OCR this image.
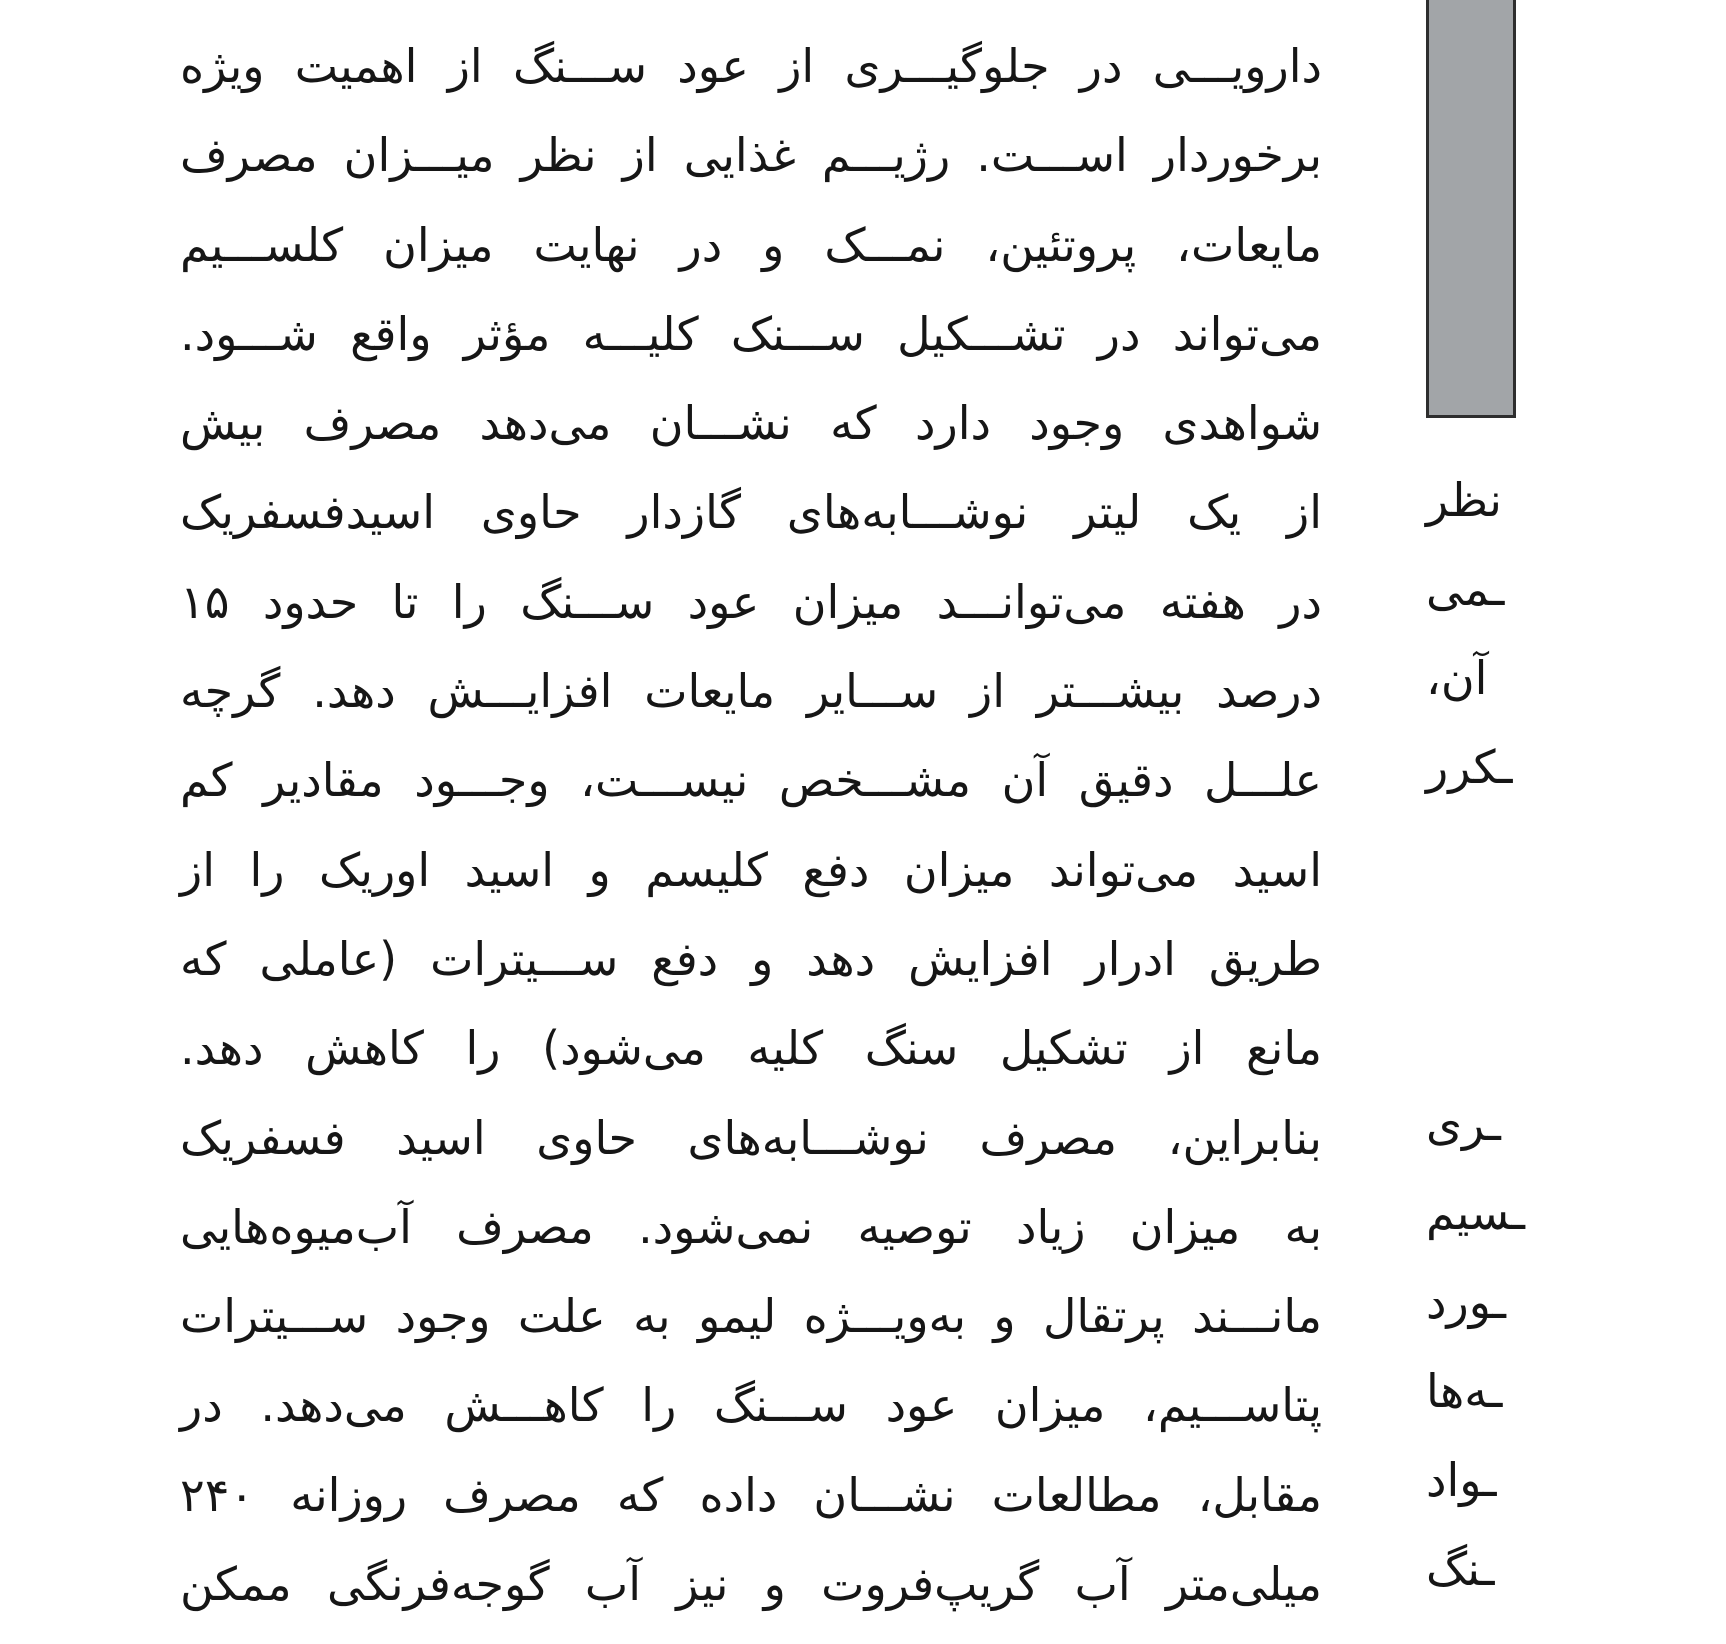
دارویـــی در جلوگیـــری از عود ســـنگ از اهمیت ویژه
برخوردار اســـت. رژیـــم غذایی از نظر میـــزان مصرف
مایعات، پروتئین، نمـــک و در نهایت میزان کلســـیم
می‌تواند در تشـــکیل ســـنک کلیـــه مؤثر واقع شـــود.
شواهدی وجود دارد که نشـــان می‌دهد مصرف بیش
از یک لیتر نوشـــابه‌های گازدار حاوی اسیدفسفریک
در هفته می‌توانـــد میزان عود ســـنگ را تا حدود ۱۵
درصد بیشـــتر از ســـایر مایعات افزایـــش دهد. گرچه
علـــل دقیق آن مشـــخص نیســـت، وجـــود مقادیر کم
اسید می‌تواند میزان دفع کلیسم و اسید اوریک را از
طریق ادرار افزایش دهد و دفع ســـیترات (عاملی که
مانع از تشکیل سنگ کلیه می‌شود) را کاهش دهد.
بنابراین، مصرف نوشـــابه‌های حاوی اسید فسفریک
به میزان زیاد توصیه نمی‌شود. مصرف آب‌میوه‌هایی
مانـــند پرتقال و به‌ویـــژه لیمو به علت وجود ســـیترات
پتاســـیم، میزان عود ســـنگ را کاهـــش می‌دهد. در
مقابل، مطالعات نشـــان داده که مصرف روزانه ۲۴۰
میلی‌متر آب گریپ‌فروت و نیز آب گوجه‌فرنگی ممکن
نظر
ـمی
آن،
ـکرر
ـری
ـسیم
ـورد
ـه‌ها
ـواد
ـنگ
